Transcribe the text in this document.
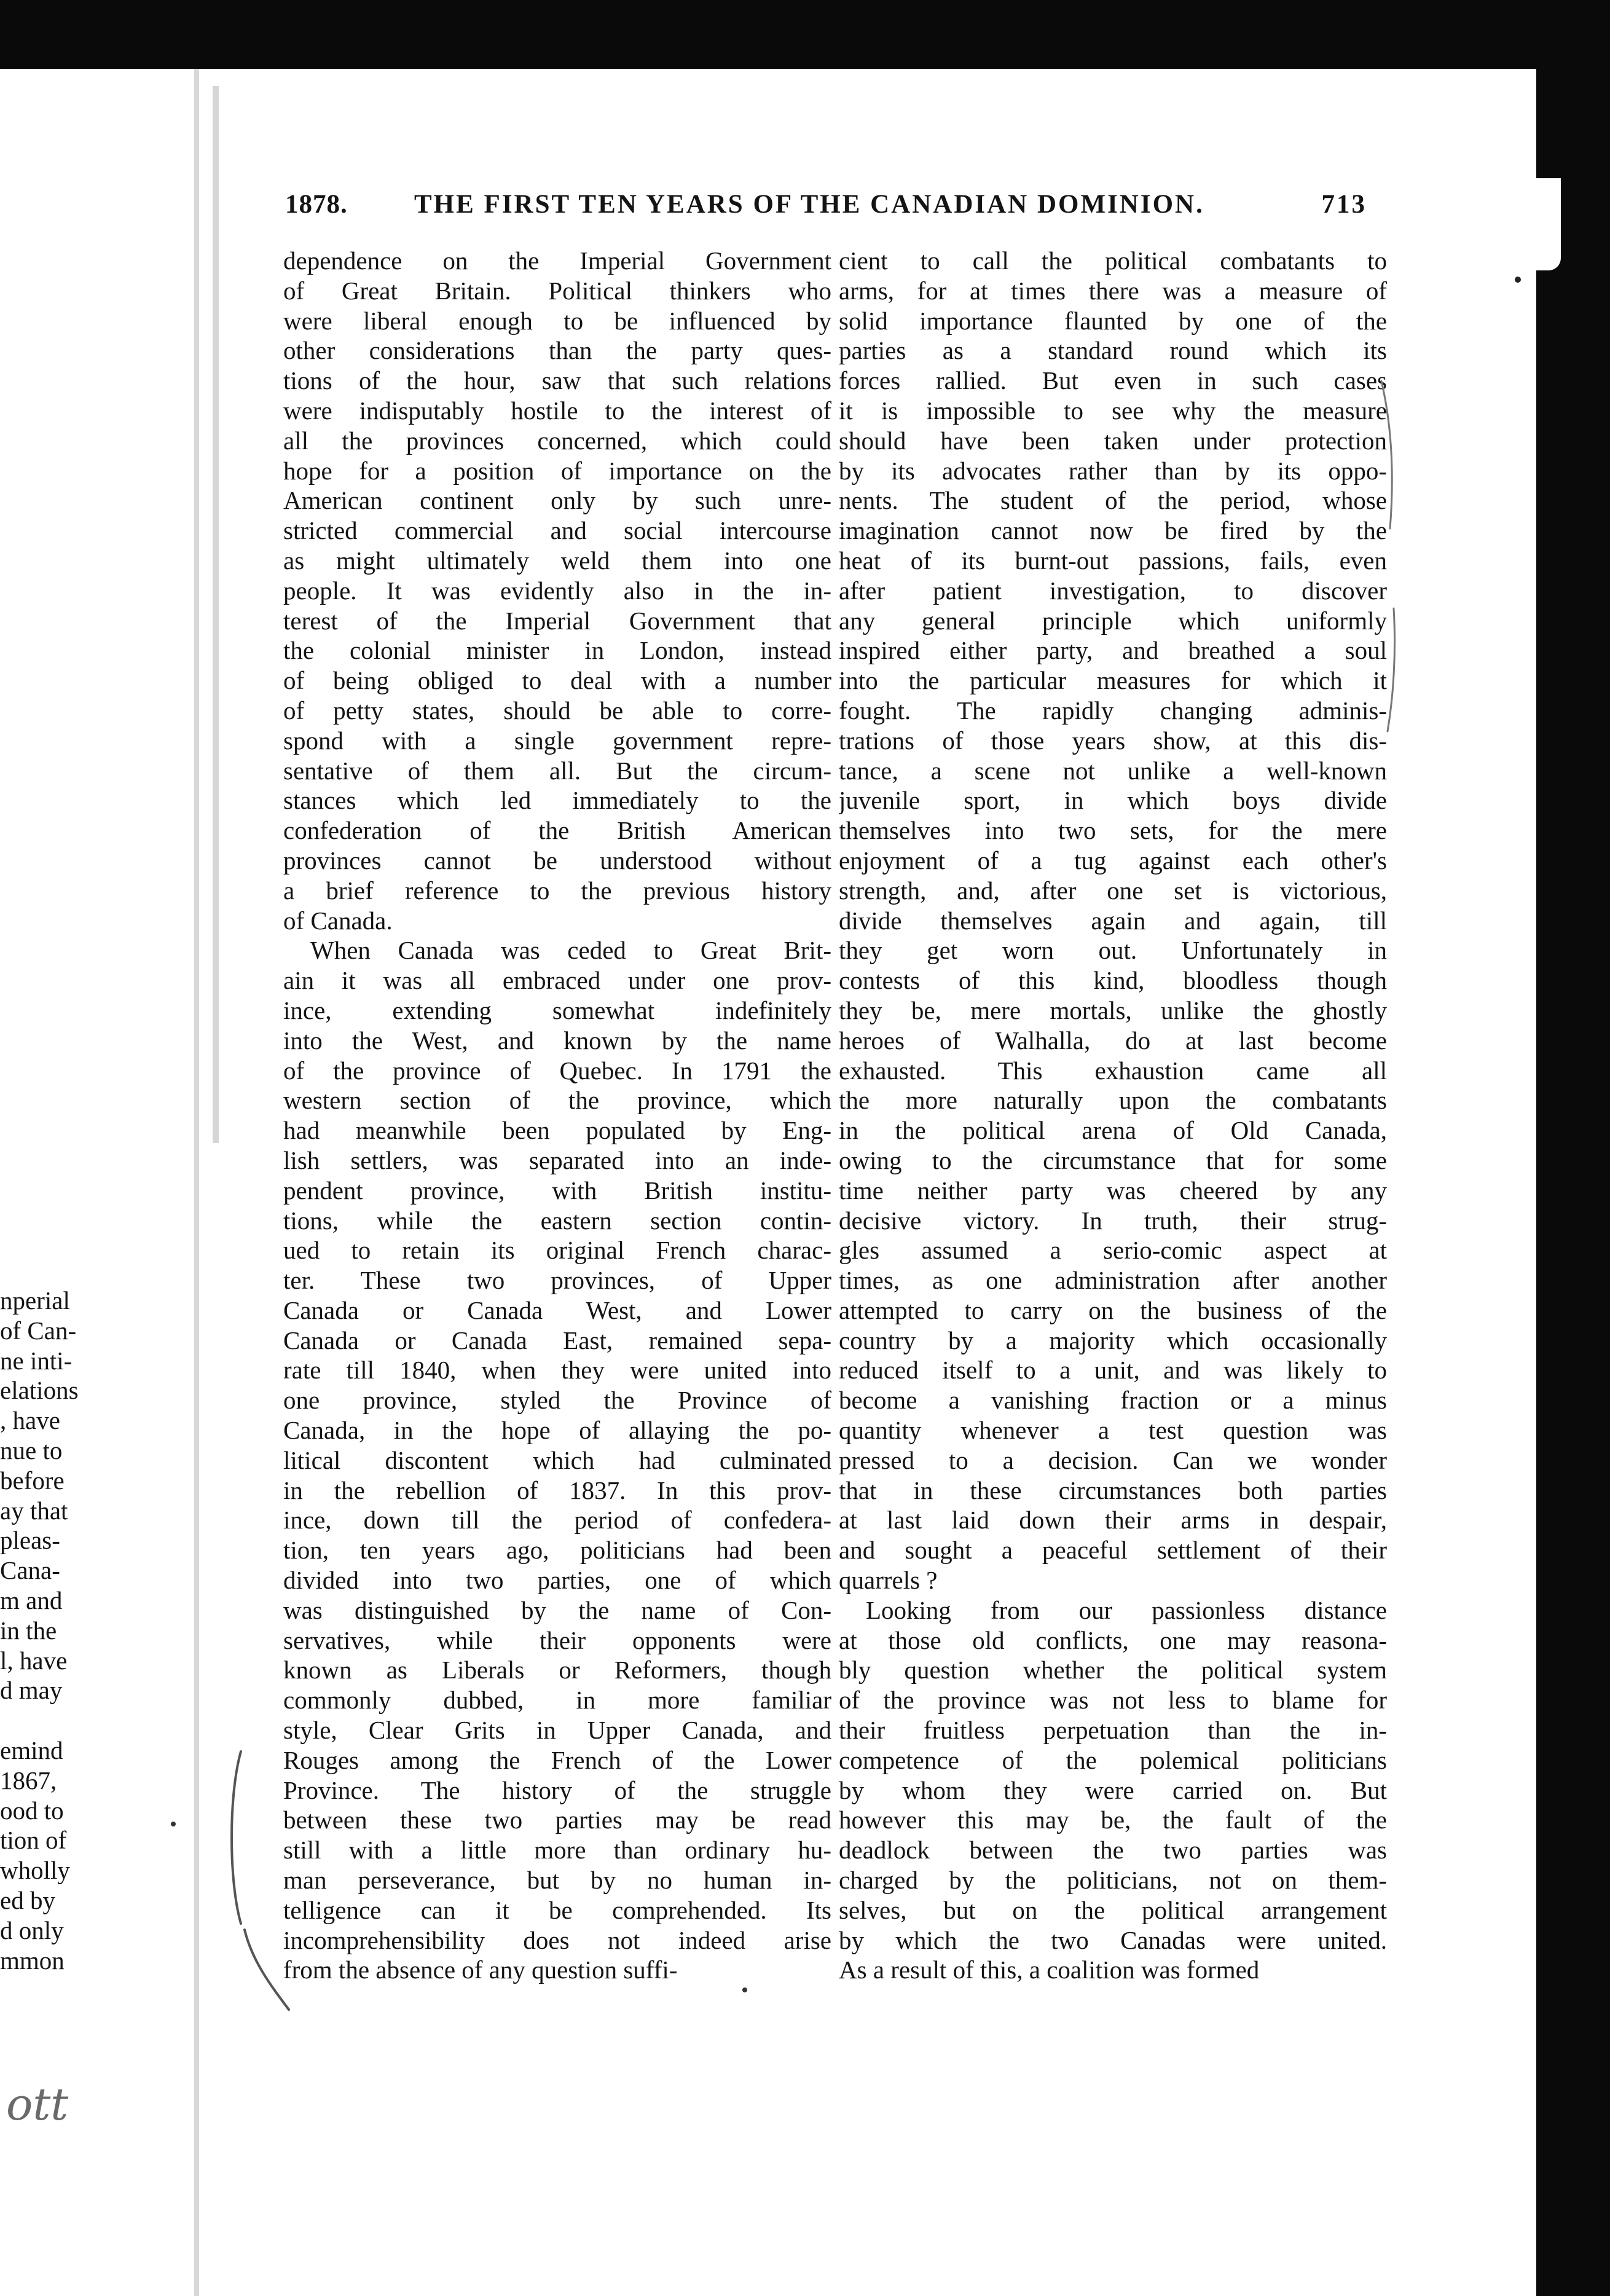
1878.	THE FIRST TEN YEARS OF THE CANADIAN DOMINION.	713
dependence on the Imperial Government
of Great Britain. Political thinkers who
were liberal enough to be influenced by
other considerations than the party ques-
tions of the hour, saw that such relations
were indisputably hostile to the interest of
all the provinces concerned, which could
hope for a position of importance on the
American continent only by such unre-
stricted commercial and social intercourse
as might ultimately weld them into one
people. It was evidently also in the in-
terest of the Imperial Government that
the colonial minister in London, instead
of being obliged to deal with a number
of petty states, should be able to corre-
spond with a single government repre-
sentative of them all. But the circum-
stances which led immediately to the
confederation of the British American
provinces cannot be understood without
a brief reference to the previous history
of Canada.
When Canada was ceded to Great Brit-
ain it was all embraced under one prov-
ince, extending somewhat indefinitely
into the West, and known by the name
of the province of Quebec. In 1791 the
western section of the province, which
had meanwhile been populated by Eng-
lish settlers, was separated into an inde-
pendent province, with British institu-
tions, while the eastern section contin-
ued to retain its original French charac-
ter. These two provinces, of Upper
Canada or Canada West, and Lower
Canada or Canada East, remained sepa-
rate till 1840, when they were united into
one province, styled the Province of
Canada, in the hope of allaying the po-
litical discontent which had culminated
in the rebellion of 1837. In this prov-
ince, down till the period of confedera-
tion, ten years ago, politicians had been
divided into two parties, one of which
was distinguished by the name of Con-
servatives, while their opponents were
known as Liberals or Reformers, though
commonly dubbed, in more familiar
style, Clear Grits in Upper Canada, and
Rouges among the French of the Lower
Province. The history of the struggle
between these two parties may be read
still with a little more than ordinary hu-
man perseverance, but by no human in-
telligence can it be comprehended. Its
incomprehensibility does not indeed arise
from the absence of any question suffi-
cient to call the political combatants to
arms, for at times there was a measure of
solid importance flaunted by one of the
parties as a standard round which its
forces rallied. But even in such cases
it is impossible to see why the measure
should have been taken under protection
by its advocates rather than by its oppo-
nents. The student of the period, whose
imagination cannot now be fired by the
heat of its burnt-out passions, fails, even
after patient investigation, to discover
any general principle which uniformly
inspired either party, and breathed a soul
into the particular measures for which it
fought. The rapidly changing adminis-
trations of those years show, at this dis-
tance, a scene not unlike a well-known
juvenile sport, in which boys divide
themselves into two sets, for the mere
enjoyment of a tug against each other's
strength, and, after one set is victorious,
divide themselves again and again, till
they get worn out. Unfortunately in
contests of this kind, bloodless though
they be, mere mortals, unlike the ghostly
heroes of Walhalla, do at last become
exhausted. This exhaustion came all
the more naturally upon the combatants
in the political arena of Old Canada,
owing to the circumstance that for some
time neither party was cheered by any
decisive victory. In truth, their strug-
gles assumed a serio-comic aspect at
times, as one administration after another
attempted to carry on the business of the
country by a majority which occasionally
reduced itself to a unit, and was likely to
become a vanishing fraction or a minus
quantity whenever a test question was
pressed to a decision. Can we wonder
that in these circumstances both parties
at last laid down their arms in despair,
and sought a peaceful settlement of their
quarrels ?
Looking from our passionless distance
at those old conflicts, one may reasona-
bly question whether the political system
of the province was not less to blame for
their fruitless perpetuation than the in-
competence of the polemical politicians
by whom they were carried on. But
however this may be, the fault of the
deadlock between the two parties was
charged by the politicians, not on them-
selves, but on the political arrangement
by which the two Canadas were united.
As a result of this, a coalition was formed
nperial
of Can-
ne inti-
elations
, have
nue to
before
ay that
pleas-
Cana-
m and
in the
l, have
d may
emind
1867,
ood to
tion of
wholly
ed by
d only
mmon
ott
